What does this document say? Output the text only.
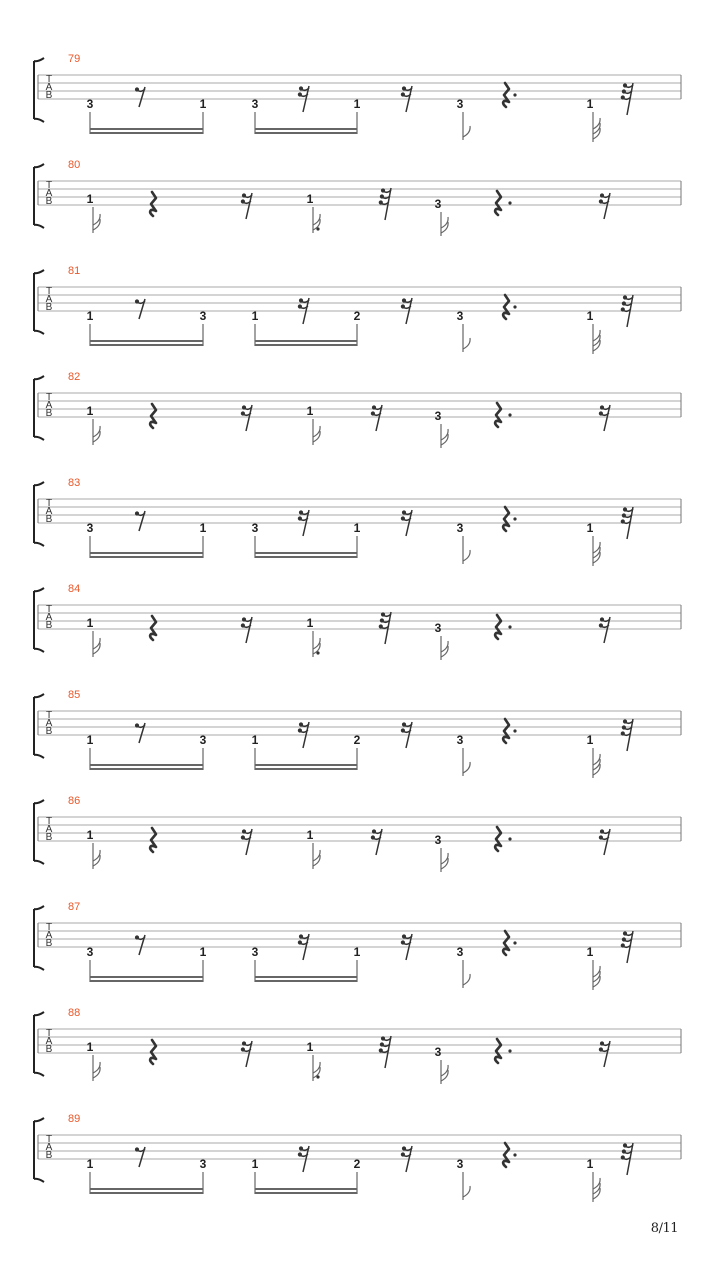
T
A
B
79
3	1	3	1	3	1
T
A
B
80
1	1	3
T
A
B
81
1	3	1	2	3	1
T
A
B
82
1	1	3
T
A
B
83
3	1	3	1	3	1
T
A
B
84
1	1	3
T
A
B
85
1	3	1	2	3	1
T
A
B
86
1	1	3
T
A
B
87
3	1	3	1	3	1
T
A
B
88
1	1	3
T
A
B
89
1	3	1	2	3	1
8/11
